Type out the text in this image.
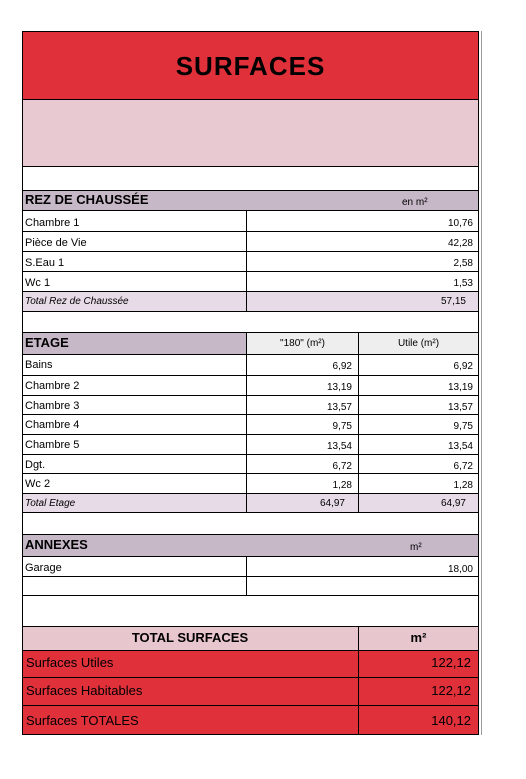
SURFACES
REZ DE CHAUSSÉE	en m²
Chambre 1	10,76
Pièce de Vie	42,28
S.Eau 1	2,58
Wc 1	1,53
Total Rez de Chaussée	57,15
ETAGE	"180" (m²)	Utile (m²)
Bains	6,92	6,92
Chambre 2	13,19	13,19
Chambre 3	13,57	13,57
Chambre 4	9,75	9,75
Chambre 5	13,54	13,54
Dgt.	6,72	6,72
Wc 2	1,28	1,28
Total Etage	64,97	64,97
ANNEXES	m²
Garage	18,00
TOTAL SURFACES	m²
Surfaces Utiles	122,12
Surfaces Habitables	122,12
Surfaces TOTALES	140,12
